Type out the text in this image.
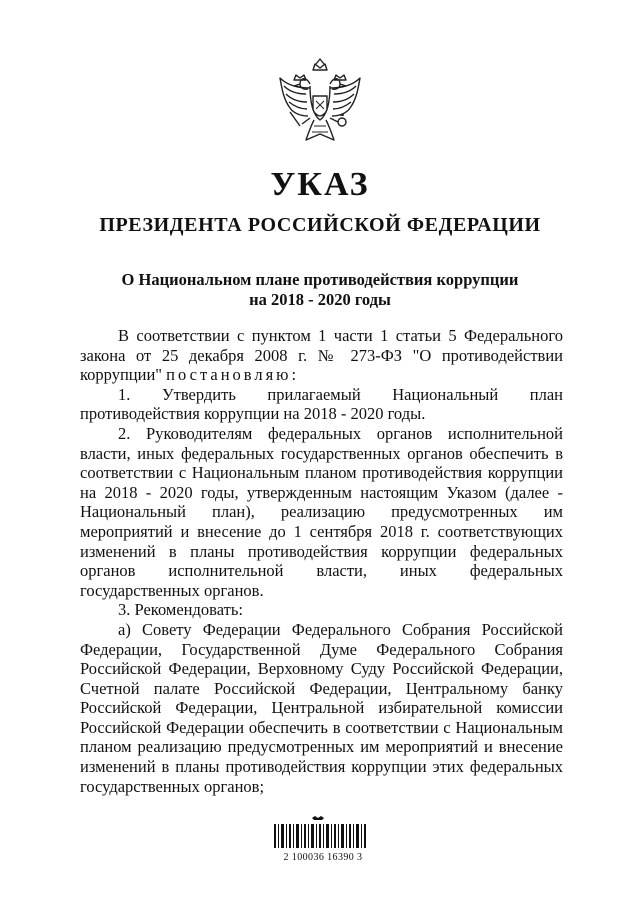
УКАЗ
ПРЕЗИДЕНТА РОССИЙСКОЙ ФЕДЕРАЦИИ
О Национальном плане противодействия коррупции
на 2018 - 2020 годы

В соответствии с пунктом 1 части 1 статьи 5 Федерального закона от 25 декабря 2008 г. № 273-ФЗ "О противодействии коррупции" постановляю:

1. Утвердить прилагаемый Национальный план противодействия коррупции на 2018 - 2020 годы.

2. Руководителям федеральных органов исполнительной власти, иных федеральных государственных органов обеспечить в соответствии с Национальным планом противодействия коррупции на 2018 - 2020 годы, утвержденным настоящим Указом (далее - Национальный план), реализацию предусмотренных им мероприятий и внесение до 1 сентября 2018 г. соответствующих изменений в планы противодействия коррупции федеральных органов исполнительной власти, иных федеральных государственных органов.

3. Рекомендовать:

а) Совету Федерации Федерального Собрания Российской Федерации, Государственной Думе Федерального Собрания Российской Федерации, Верховному Суду Российской Федерации, Счетной палате Российской Федерации, Центральному банку Российской Федерации, Центральной избирательной комиссии Российской Федерации обеспечить в соответствии с Национальным планом реализацию предусмотренных им мероприятий и внесение изменений в планы противодействия коррупции этих федеральных государственных органов;

2 100036 16390 3
